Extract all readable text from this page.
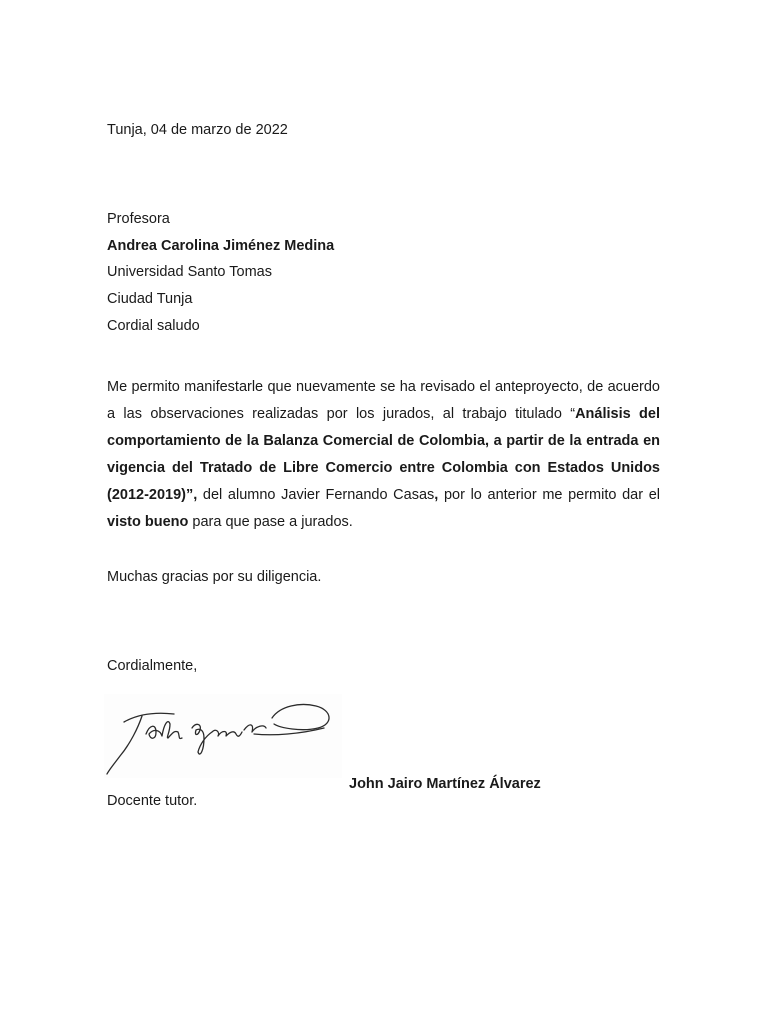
Tunja, 04 de marzo de 2022
Profesora
Andrea Carolina Jiménez Medina
Universidad Santo Tomas
Ciudad Tunja
Cordial saludo
Me permito manifestarle que nuevamente se ha revisado el anteproyecto, de acuerdo a las observaciones realizadas por los jurados, al trabajo titulado “Análisis del comportamiento de la Balanza Comercial de Colombia, a partir de la entrada en vigencia del Tratado de Libre Comercio entre Colombia con Estados Unidos (2012-2019)”, del alumno Javier Fernando Casas, por lo anterior me permito dar el visto bueno para que pase a jurados.
Muchas gracias por su diligencia.
Cordialmente,
John Jairo Martínez Álvarez
Docente tutor.
